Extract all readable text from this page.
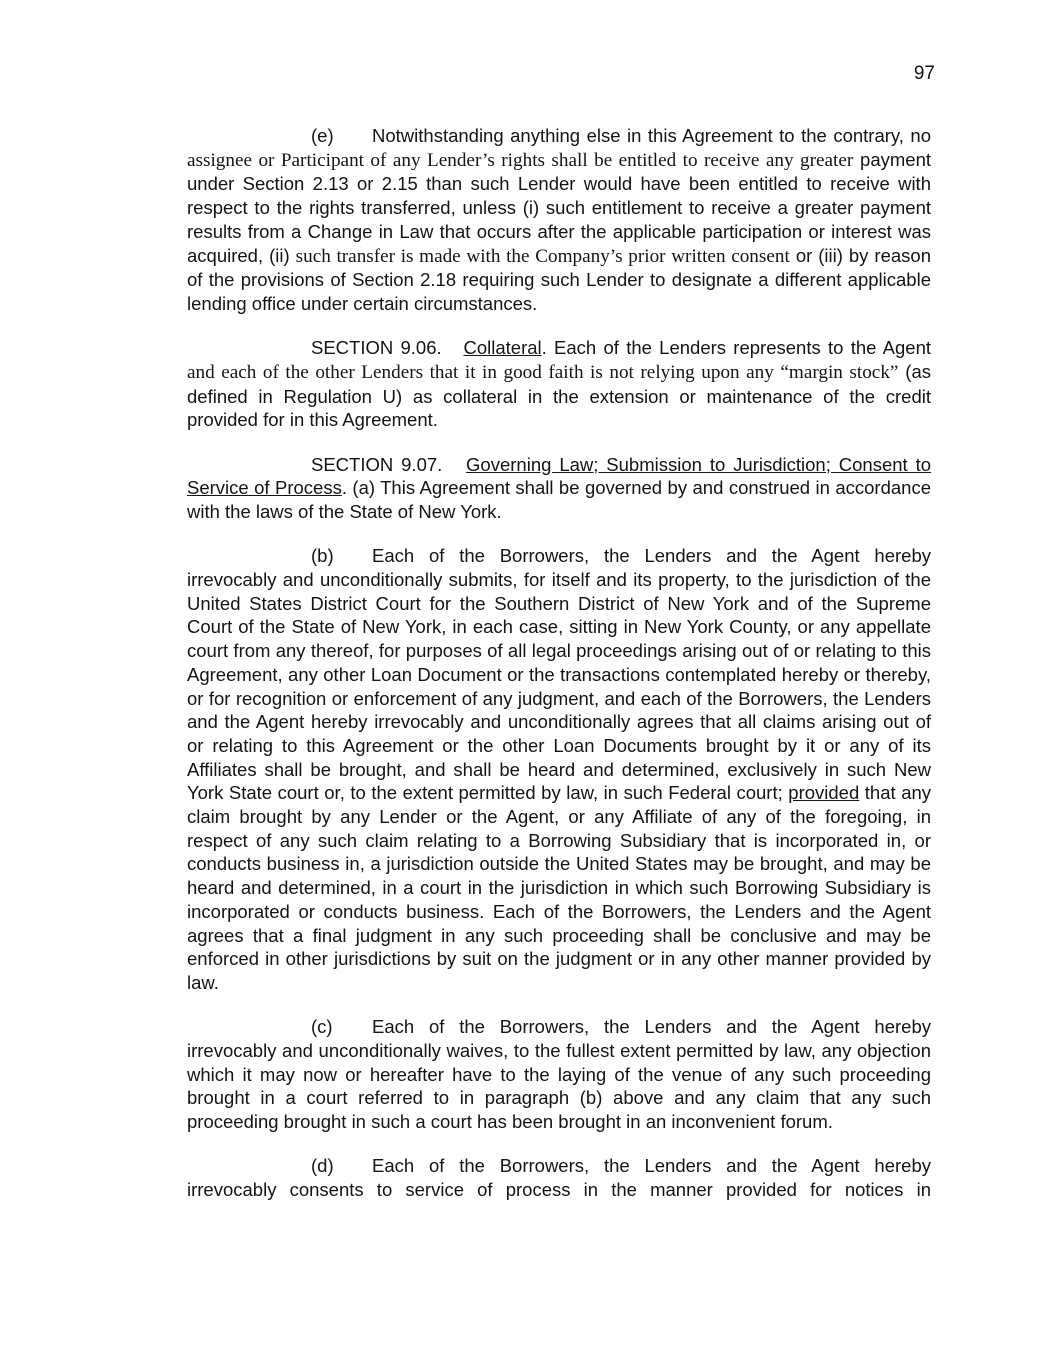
97

(e) Notwithstanding anything else in this Agreement to the contrary, no assignee or Participant of any Lender’s rights shall be entitled to receive any greater payment under Section 2.13 or 2.15 than such Lender would have been entitled to receive with respect to the rights transferred, unless (i) such entitlement to receive a greater payment results from a Change in Law that occurs after the applicable participation or interest was acquired, (ii) such transfer is made with the Company’s prior written consent or (iii) by reason of the provisions of Section 2.18 requiring such Lender to designate a different applicable lending office under certain circumstances.

SECTION 9.06. Collateral. Each of the Lenders represents to the Agent and each of the other Lenders that it in good faith is not relying upon any “margin stock” (as defined in Regulation U) as collateral in the extension or maintenance of the credit provided for in this Agreement.

SECTION 9.07. Governing Law; Submission to Jurisdiction; Consent to Service of Process. (a) This Agreement shall be governed by and construed in accordance with the laws of the State of New York.

(b) Each of the Borrowers, the Lenders and the Agent hereby irrevocably and unconditionally submits, for itself and its property, to the jurisdiction of the United States District Court for the Southern District of New York and of the Supreme Court of the State of New York, in each case, sitting in New York County, or any appellate court from any thereof, for purposes of all legal proceedings arising out of or relating to this Agreement, any other Loan Document or the transactions contemplated hereby or thereby, or for recognition or enforcement of any judgment, and each of the Borrowers, the Lenders and the Agent hereby irrevocably and unconditionally agrees that all claims arising out of or relating to this Agreement or the other Loan Documents brought by it or any of its Affiliates shall be brought, and shall be heard and determined, exclusively in such New York State court or, to the extent permitted by law, in such Federal court; provided that any claim brought by any Lender or the Agent, or any Affiliate of any of the foregoing, in respect of any such claim relating to a Borrowing Subsidiary that is incorporated in, or conducts business in, a jurisdiction outside the United States may be brought, and may be heard and determined, in a court in the jurisdiction in which such Borrowing Subsidiary is incorporated or conducts business. Each of the Borrowers, the Lenders and the Agent agrees that a final judgment in any such proceeding shall be conclusive and may be enforced in other jurisdictions by suit on the judgment or in any other manner provided by law.

(c) Each of the Borrowers, the Lenders and the Agent hereby irrevocably and unconditionally waives, to the fullest extent permitted by law, any objection which it may now or hereafter have to the laying of the venue of any such proceeding brought in a court referred to in paragraph (b) above and any claim that any such proceeding brought in such a court has been brought in an inconvenient forum.

(d) Each of the Borrowers, the Lenders and the Agent hereby irrevocably consents to service of process in the manner provided for notices in
